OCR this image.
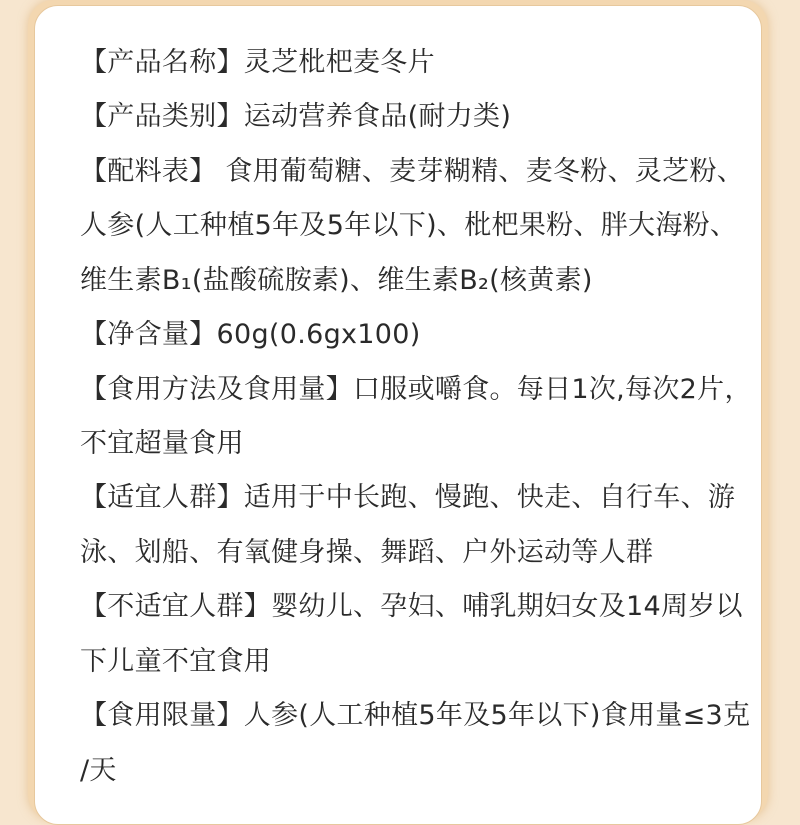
【产品名称】灵芝枇杷麦冬片
【产品类别】运动营养食品(耐力类)
【配料表】 食用葡萄糖、麦芽糊精、麦冬粉、灵芝粉、
人参(人工种植5年及5年以下)、枇杷果粉、胖大海粉、
维生素B₁(盐酸硫胺素)、维生素B₂(核黄素)
【净含量】60g(0.6gx100)
【食用方法及食用量】口服或嚼食。每日1次,每次2片，
不宜超量食用
【适宜人群】适用于中长跑、慢跑、快走、自行车、游
泳、划船、有氧健身操、舞蹈、户外运动等人群
【不适宜人群】婴幼儿、孕妇、哺乳期妇女及14周岁以
下儿童不宜食用
【食用限量】人参(人工种植5年及5年以下)食用量≤3克
/天
